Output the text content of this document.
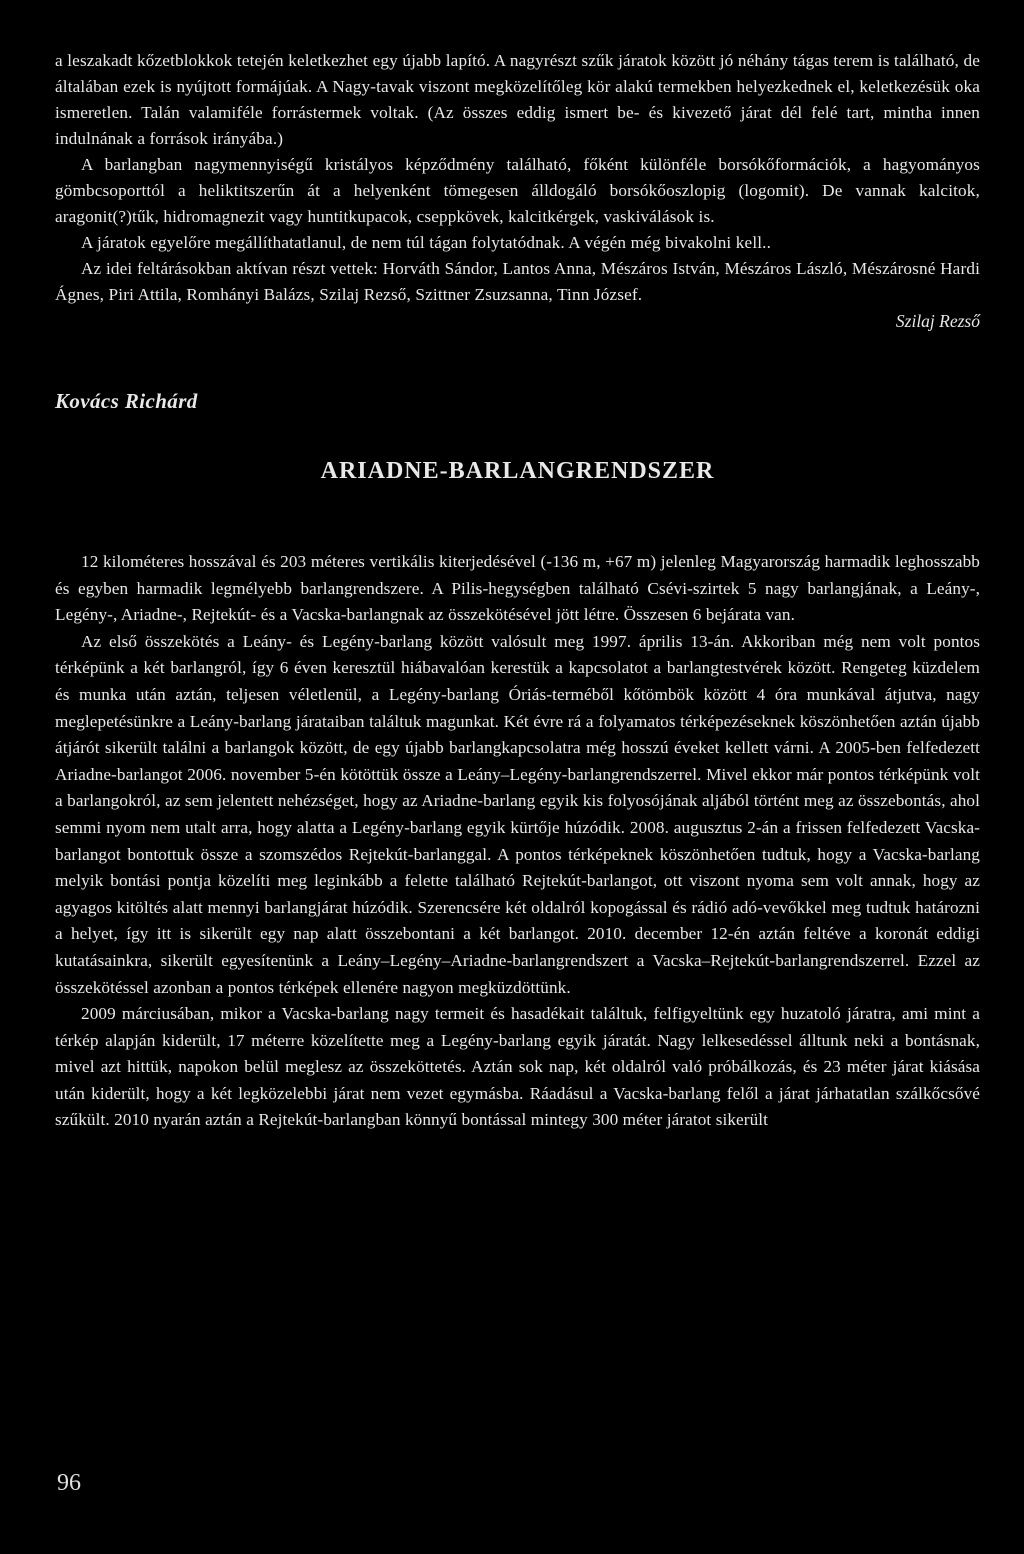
a leszakadt kőzetblokkok tetején keletkezhet egy újabb lapító. A nagyrészt szűk járatok között jó néhány tágas terem is található, de általában ezek is nyújtott formájúak. A Nagy-tavak viszont megközelítőleg kör alakú termekben helyezkednek el, keletkezésük oka ismeretlen. Talán valamiféle forrástermek voltak. (Az összes eddig ismert be- és kivezető járat dél felé tart, mintha innen indulnának a források irányába.)

A barlangban nagymennyiségű kristályos képződmény található, főként különféle borsókőformációk, a hagyományos gömbcsoporttól a heliktitszerűn át a helyenként tömegesen álldogáló borsókőoszlopig (logomit). De vannak kalcitok, aragonit(?)tűk, hidromagnezit vagy huntitkupacok, cseppkövek, kalcitkérgek, vaskiválások is.

A járatok egyelőre megállíthatatlanul, de nem túl tágan folytatódnak. A végén még bivakolni kell..

Az idei feltárásokban aktívan részt vettek: Horváth Sándor, Lantos Anna, Mészáros István, Mészáros László, Mészárosné Hardi Ágnes, Piri Attila, Romhányi Balázs, Szilaj Rezső, Szittner Zsuzsanna, Tinn József.

Szilaj Rezső
Kovács Richárd
ARIADNE-BARLANGRENDSZER

12 kilométeres hosszával és 203 méteres vertikális kiterjedésével (-136 m, +67 m) jelenleg Magyarország harmadik leghosszabb és egyben harmadik legmélyebb barlangrendszere. A Pilis-hegységben található Csévi-szirtek 5 nagy barlangjának, a Leány-, Legény-, Ariadne-, Rejtekút- és a Vacska-barlangnak az összekötésével jött létre. Összesen 6 bejárata van.

Az első összekötés a Leány- és Legény-barlang között valósult meg 1997. április 13-án. Akkoriban még nem volt pontos térképünk a két barlangról, így 6 éven keresztül hiábavalóan kerestük a kapcsolatot a barlangtestvérek között. Rengeteg küzdelem és munka után aztán, teljesen véletlenül, a Legény-barlang Óriás-terméből kőtömbök között 4 óra munkával átjutva, nagy meglepetésünkre a Leány-barlang járataiban találtuk magunkat. Két évre rá a folyamatos térképezéseknek köszönhetően aztán újabb átjárót sikerült találni a barlangok között, de egy újabb barlangkapcsolatra még hosszú éveket kellett várni. A 2005-ben felfedezett Ariadne-barlangot 2006. november 5-én kötöttük össze a Leány–Legény-barlangrendszerrel. Mivel ekkor már pontos térképünk volt a barlangokról, az sem jelentett nehézséget, hogy az Ariadne-barlang egyik kis folyosójának aljából történt meg az összebontás, ahol semmi nyom nem utalt arra, hogy alatta a Legény-barlang egyik kürtője húzódik. 2008. augusztus 2-án a frissen felfedezett Vacska-barlangot bontottuk össze a szomszédos Rejtekút-barlanggal. A pontos térképeknek köszönhetően tudtuk, hogy a Vacska-barlang melyik bontási pontja közelíti meg leginkább a felette található Rejtekút-barlangot, ott viszont nyoma sem volt annak, hogy az agyagos kitöltés alatt mennyi barlangjárat húzódik. Szerencsére két oldalról kopogással és rádió adó-vevőkkel meg tudtuk határozni a helyet, így itt is sikerült egy nap alatt összebontani a két barlangot. 2010. december 12-én aztán feltéve a koronát eddigi kutatásainkra, sikerült egyesítenünk a Leány–Legény–Ariadne-barlangrendszert a Vacska–Rejtekút-barlangrendszerrel. Ezzel az összekötéssel azonban a pontos térképek ellenére nagyon megküzdöttünk.

2009 márciusában, mikor a Vacska-barlang nagy termeit és hasadékait találtuk, felfigyeltünk egy huzatoló járatra, ami mint a térkép alapján kiderült, 17 méterre közelítette meg a Legény-barlang egyik járatát. Nagy lelkesedéssel álltunk neki a bontásnak, mivel azt hittük, napokon belül meglesz az összeköttetés. Aztán sok nap, két oldalról való próbálkozás, és 23 méter járat kiásása után kiderült, hogy a két legközelebbi járat nem vezet egymásba. Ráadásul a Vacska-barlang felől a járat járhatatlan szálkőcsővé szűkült. 2010 nyarán aztán a Rejtekút-barlangban könnyű bontással mintegy 300 méter járatot sikerült

96
